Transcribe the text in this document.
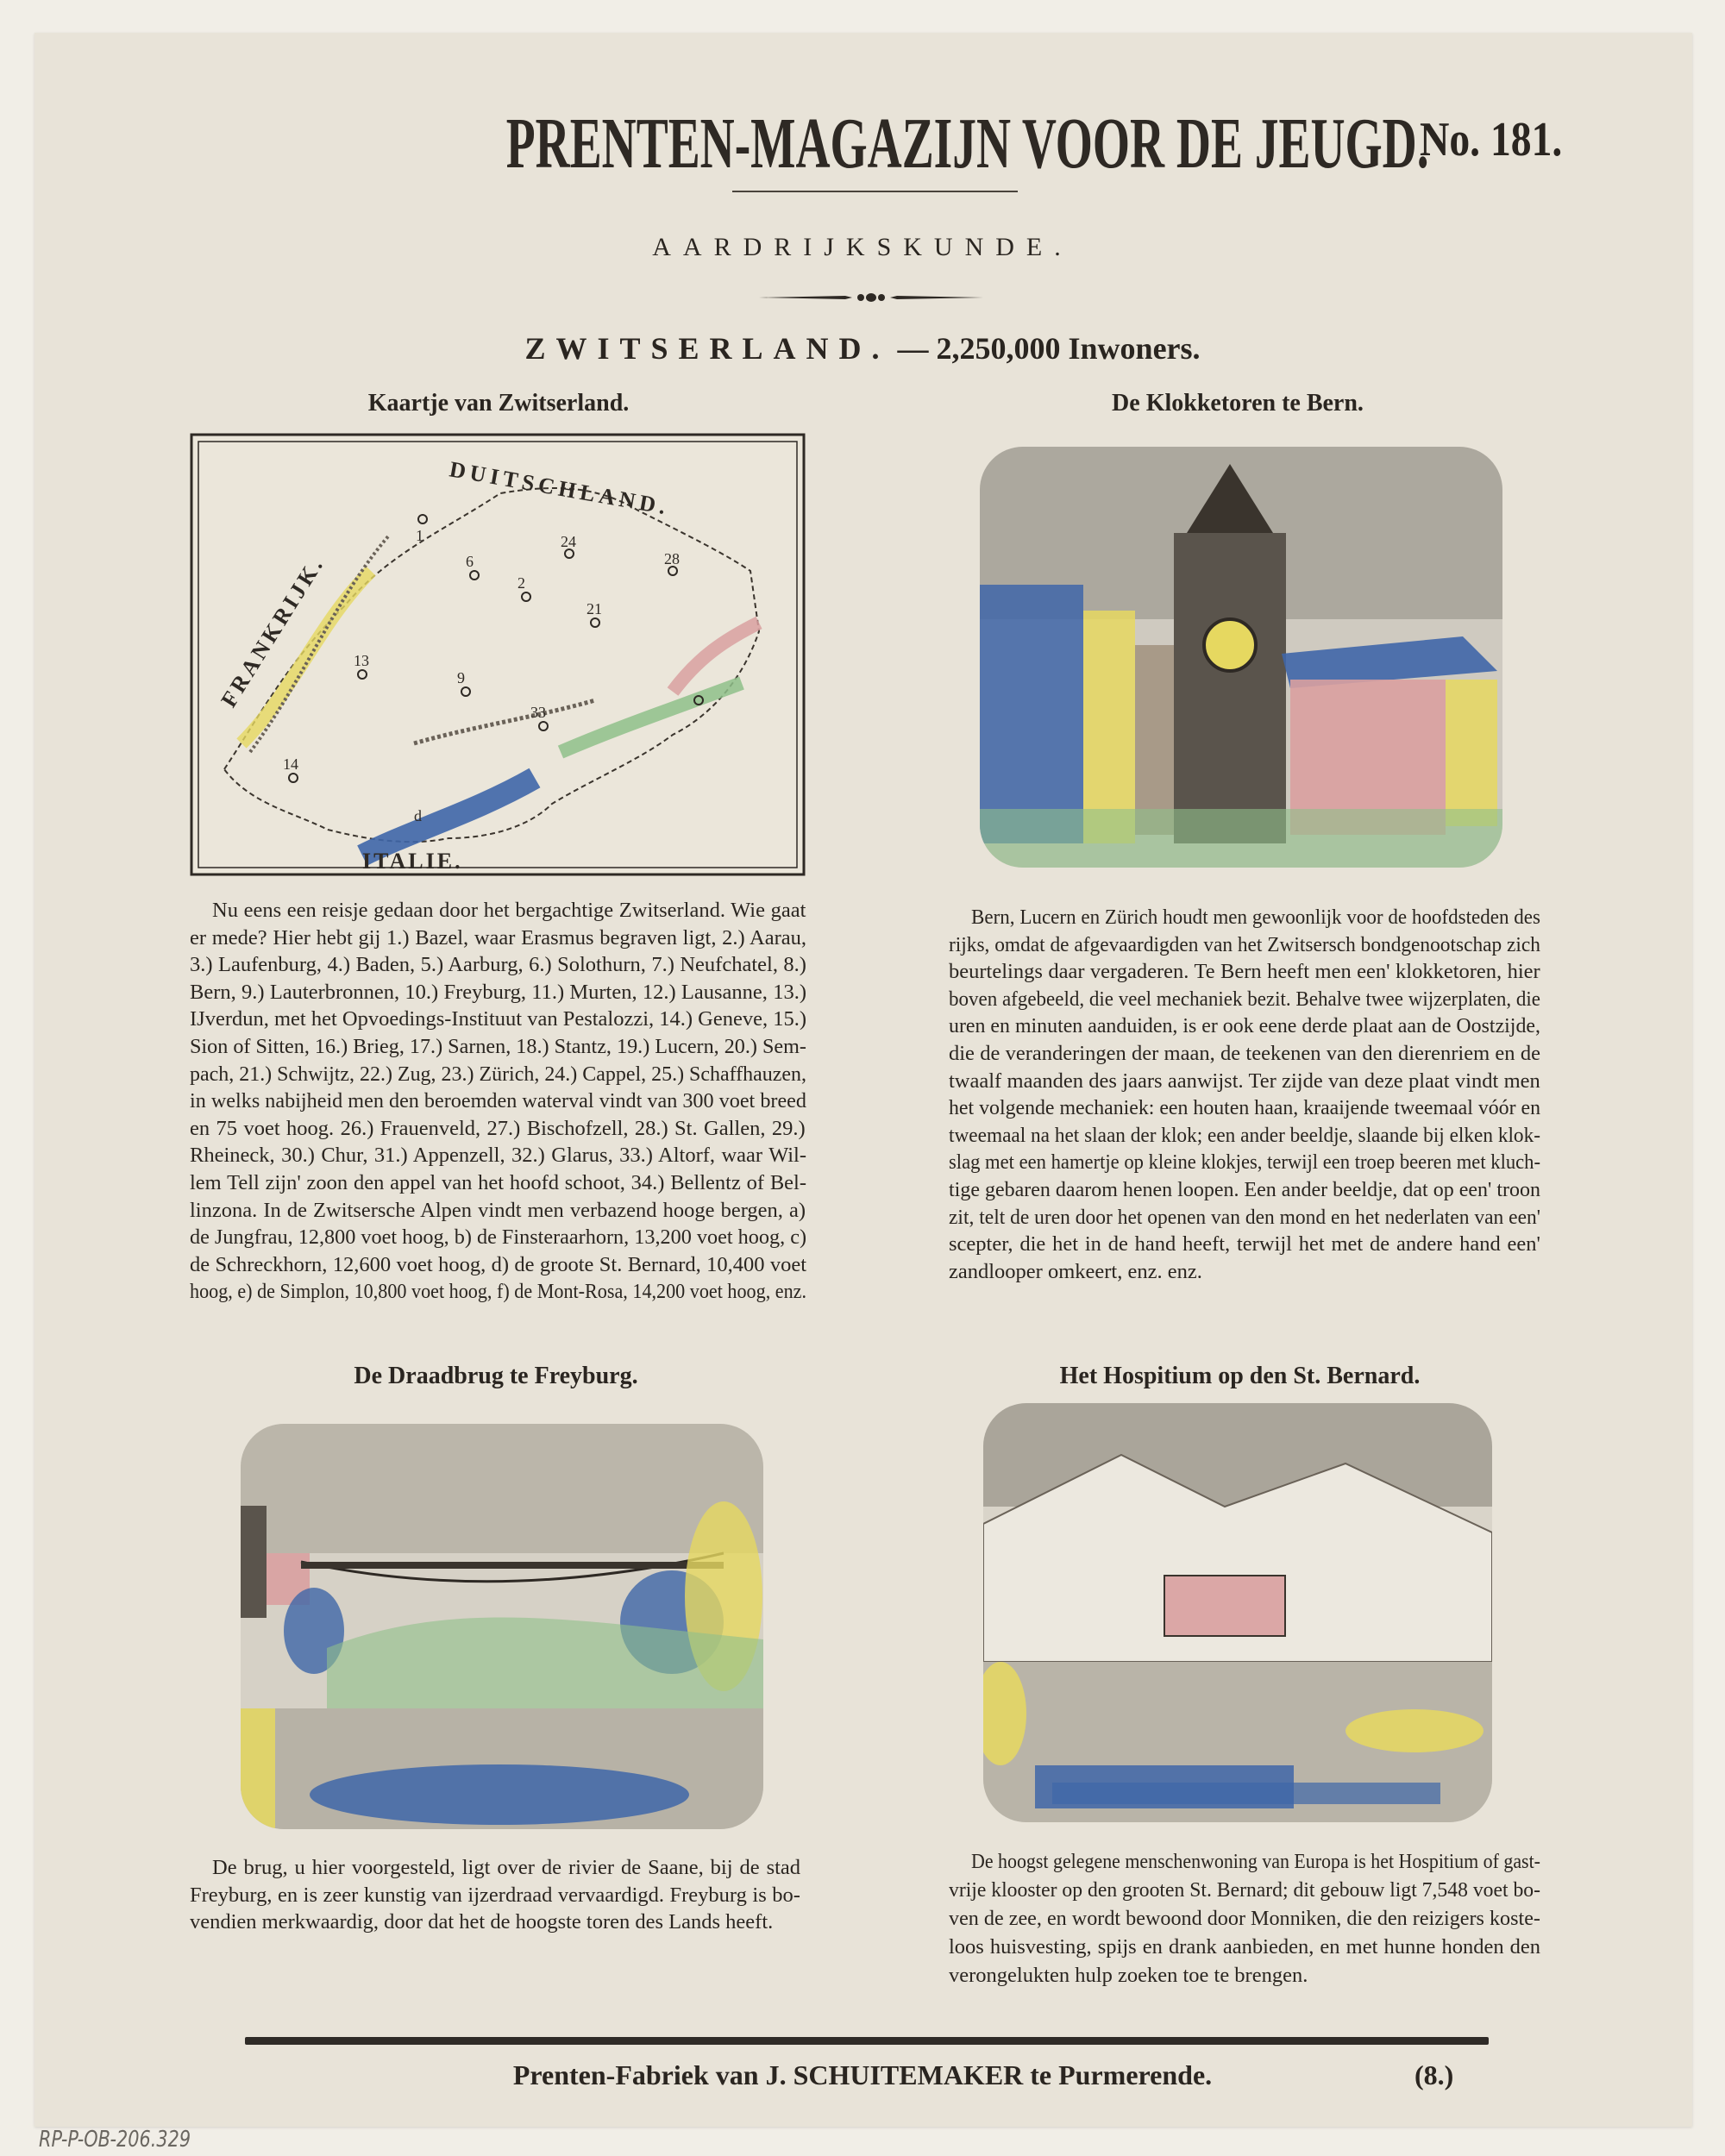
PRENTEN-MAGAZIJN VOOR DE JEUGD.
No. 181.
AARDRIJKSKUNDE.
ZWITSERLAND. — 2,250,000 Inwoners.
Kaartje van Zwitserland.
1
6
2
24
21
28
13
14
9
33
d
FRANKRIJK.
DUITSCHLAND.
ITALIE.
Nu eens een reisje gedaan door het bergachtige Zwitserland. Wie gaat
er mede? Hier hebt gij 1.) Bazel, waar Erasmus begraven ligt, 2.) Aarau,
3.) Laufenburg, 4.) Baden, 5.) Aarburg, 6.) Solothurn, 7.) Neufchatel, 8.)
Bern, 9.) Lauterbronnen, 10.) Freyburg, 11.) Murten, 12.) Lausanne, 13.)
IJverdun, met het Opvoedings-Instituut van Pestalozzi, 14.) Geneve, 15.)
Sion of Sitten, 16.) Brieg, 17.) Sarnen, 18.) Stantz, 19.) Lucern, 20.) Sem-
pach, 21.) Schwijtz, 22.) Zug, 23.) Zürich, 24.) Cappel, 25.) Schaffhauzen,
in welks nabijheid men den beroemden waterval vindt van 300 voet breed
en 75 voet hoog. 26.) Frauenveld, 27.) Bischofzell, 28.) St. Gallen, 29.)
Rheineck, 30.) Chur, 31.) Appenzell, 32.) Glarus, 33.) Altorf, waar Wil-
lem Tell zijn' zoon den appel van het hoofd schoot, 34.) Bellentz of Bel-
linzona. In de Zwitsersche Alpen vindt men verbazend hooge bergen, a)
de Jungfrau, 12,800 voet hoog, b) de Finsteraarhorn, 13,200 voet hoog, c)
de Schreckhorn, 12,600 voet hoog, d) de groote St. Bernard, 10,400 voet
hoog, e) de Simplon, 10,800 voet hoog, f) de Mont-Rosa, 14,200 voet hoog, enz.
De Klokketoren te Bern.
Bern, Lucern en Zürich houdt men gewoonlijk voor de hoofdsteden des
rijks, omdat de afgevaardigden van het Zwitsersch bondgenootschap zich
beurtelings daar vergaderen. Te Bern heeft men een' klokketoren, hier
boven afgebeeld, die veel mechaniek bezit. Behalve twee wijzerplaten, die
uren en minuten aanduiden, is er ook eene derde plaat aan de Oostzijde,
die de veranderingen der maan, de teekenen van den dierenriem en de
twaalf maanden des jaars aanwijst. Ter zijde van deze plaat vindt men
het volgende mechaniek: een houten haan, kraaijende tweemaal vóór en
tweemaal na het slaan der klok; een ander beeldje, slaande bij elken klok-
slag met een hamertje op kleine klokjes, terwijl een troep beeren met kluch-
tige gebaren daarom henen loopen. Een ander beeldje, dat op een' troon
zit, telt de uren door het openen van den mond en het nederlaten van een'
scepter, die het in de hand heeft, terwijl het met de andere hand een'
zandlooper omkeert, enz. enz.
De Draadbrug te Freyburg.
De brug, u hier voorgesteld, ligt over de rivier de Saane, bij de stad
Freyburg, en is zeer kunstig van ijzerdraad vervaardigd. Freyburg is bo-
vendien merkwaardig, door dat het de hoogste toren des Lands heeft.
Het Hospitium op den St. Bernard.
De hoogst gelegene menschenwoning van Europa is het Hospitium of gast-
vrije klooster op den grooten St. Bernard; dit gebouw ligt 7,548 voet bo-
ven de zee, en wordt bewoond door Monniken, die den reizigers koste-
loos huisvesting, spijs en drank aanbieden, en met hunne honden den
verongelukten hulp zoeken toe te brengen.
Prenten-Fabriek van J. SCHUITEMAKER te Purmerende.	(8.)
RP-P-OB-206.329
